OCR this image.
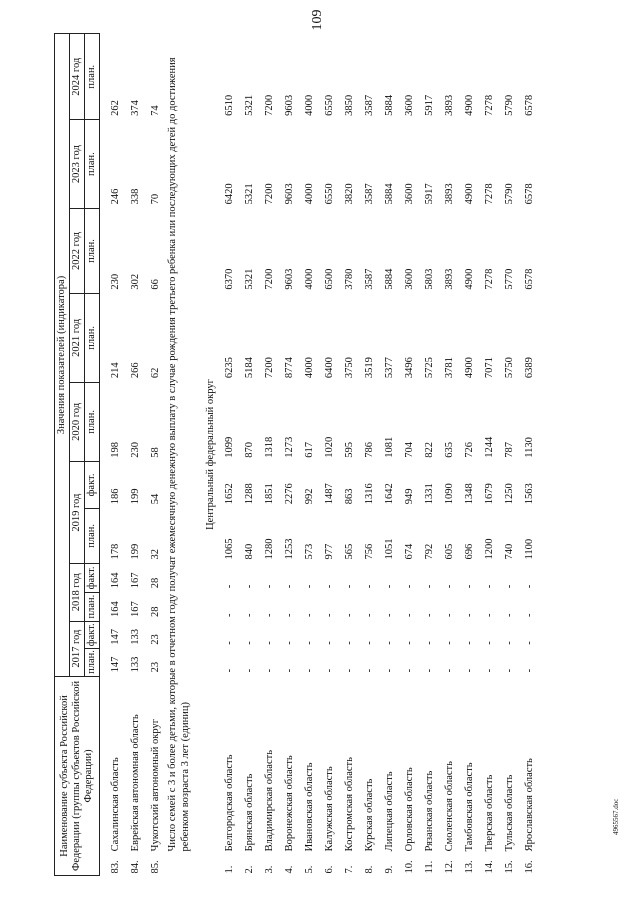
109
4965567.doc
Наименование субъекта Российской Федерации (группы субъектов Российской Федерации)		Значения показателей (индикатора)										
		2017 год		2018 год		2019 год		2020 год	2021 год	2022 год	2023 год	2024 год
		план.	факт.	план.	факт.	план.	факт.	план.	план.	план.	план.	план.

83.	Сахалинская область	147	147	164	164	178	186	198	214	230	246	262
84.	Еврейская автономная область	133	133	167	167	199	199	230	266	302	338	374
85.	Чукотский автономный округ	23	23	28	28	32	54	58	62	66	70	74
Число семей с 3 и более детьми, которые в отчетном году получат ежемесячную денежную выплату в случае рождения третьего ребенка или последующих детей до достижения ребенком возраста 3 лет (единиц)												
Центральный федеральный округ												
1.	Белгородская область	-	-	-	-	1065	1652	1099	6235	6370	6420	6510
2.	Брянская область	-	-	-	-	840	1288	870	5184	5321	5321	5321
3.	Владимирская область	-	-	-	-	1280	1851	1318	7200	7200	7200	7200
4.	Воронежская область	-	-	-	-	1253	2276	1273	8774	9603	9603	9603
5.	Ивановская область	-	-	-	-	573	992	617	4000	4000	4000	4000
6.	Калужская область	-	-	-	-	977	1487	1020	6400	6500	6550	6550
7.	Костромская область	-	-	-	-	565	863	595	3750	3780	3820	3850
8.	Курская область	-	-	-	-	756	1316	786	3519	3587	3587	3587
9.	Липецкая область	-	-	-	-	1051	1642	1081	5377	5884	5884	5884
10.	Орловская область	-	-	-	-	674	949	704	3496	3600	3600	3600
11.	Рязанская область	-	-	-	-	792	1331	822	5725	5803	5917	5917
12.	Смоленская область	-	-	-	-	605	1090	635	3781	3893	3893	3893
13.	Тамбовская область	-	-	-	-	696	1348	726	4900	4900	4900	4900
14.	Тверская область	-	-	-	-	1200	1679	1244	7071	7278	7278	7278
15.	Тульская область	-	-	-	-	740	1250	787	5750	5770	5790	5790
16.	Ярославская область	-	-	-	-	1100	1563	1130	6389	6578	6578	6578
